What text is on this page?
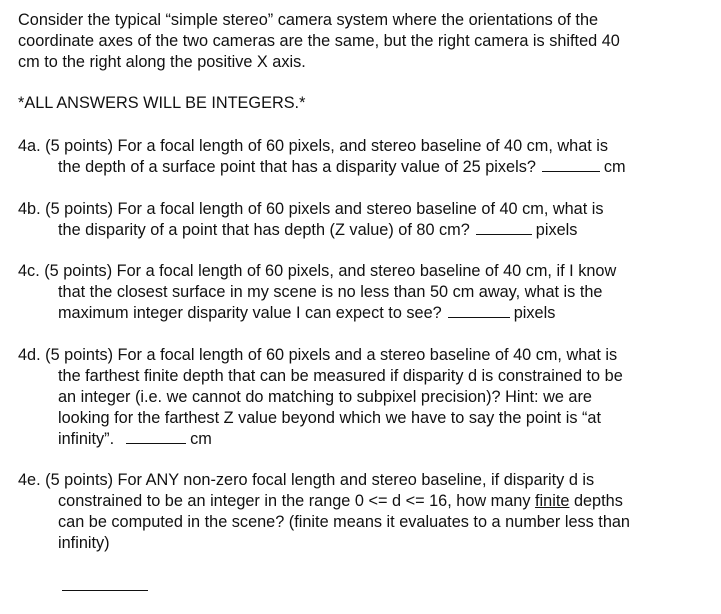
Consider the typical “simple stereo” camera system where the orientations of the
coordinate axes of the two cameras are the same, but the right camera is shifted 40
cm to the right along the positive X axis.

*ALL ANSWERS WILL BE INTEGERS.*

4a. (5 points) For a focal length of 60 pixels, and stereo baseline of 40 cm, what is
the depth of a surface point that has a disparity value of 25 pixels?	cm

4b. (5 points) For a focal length of 60 pixels and stereo baseline of 40 cm, what is
the disparity of a point that has depth (Z value) of 80 cm?	pixels

4c. (5 points) For a focal length of 60 pixels, and stereo baseline of 40 cm, if I know
that the closest surface in my scene is no less than 50 cm away, what is the
maximum integer disparity value I can expect to see?	pixels

4d. (5 points) For a focal length of 60 pixels and a stereo baseline of 40 cm, what is
the farthest finite depth that can be measured if disparity d is constrained to be
an integer (i.e. we cannot do matching to subpixel precision)? Hint: we are
looking for the farthest Z value beyond which we have to say the point is “at
infinity”.	cm

4e. (5 points) For ANY non-zero focal length and stereo baseline, if disparity d is
constrained to be an integer in the range 0 <= d <= 16, how many finite depths
can be computed in the scene? (finite means it evaluates to a number less than
infinity)
